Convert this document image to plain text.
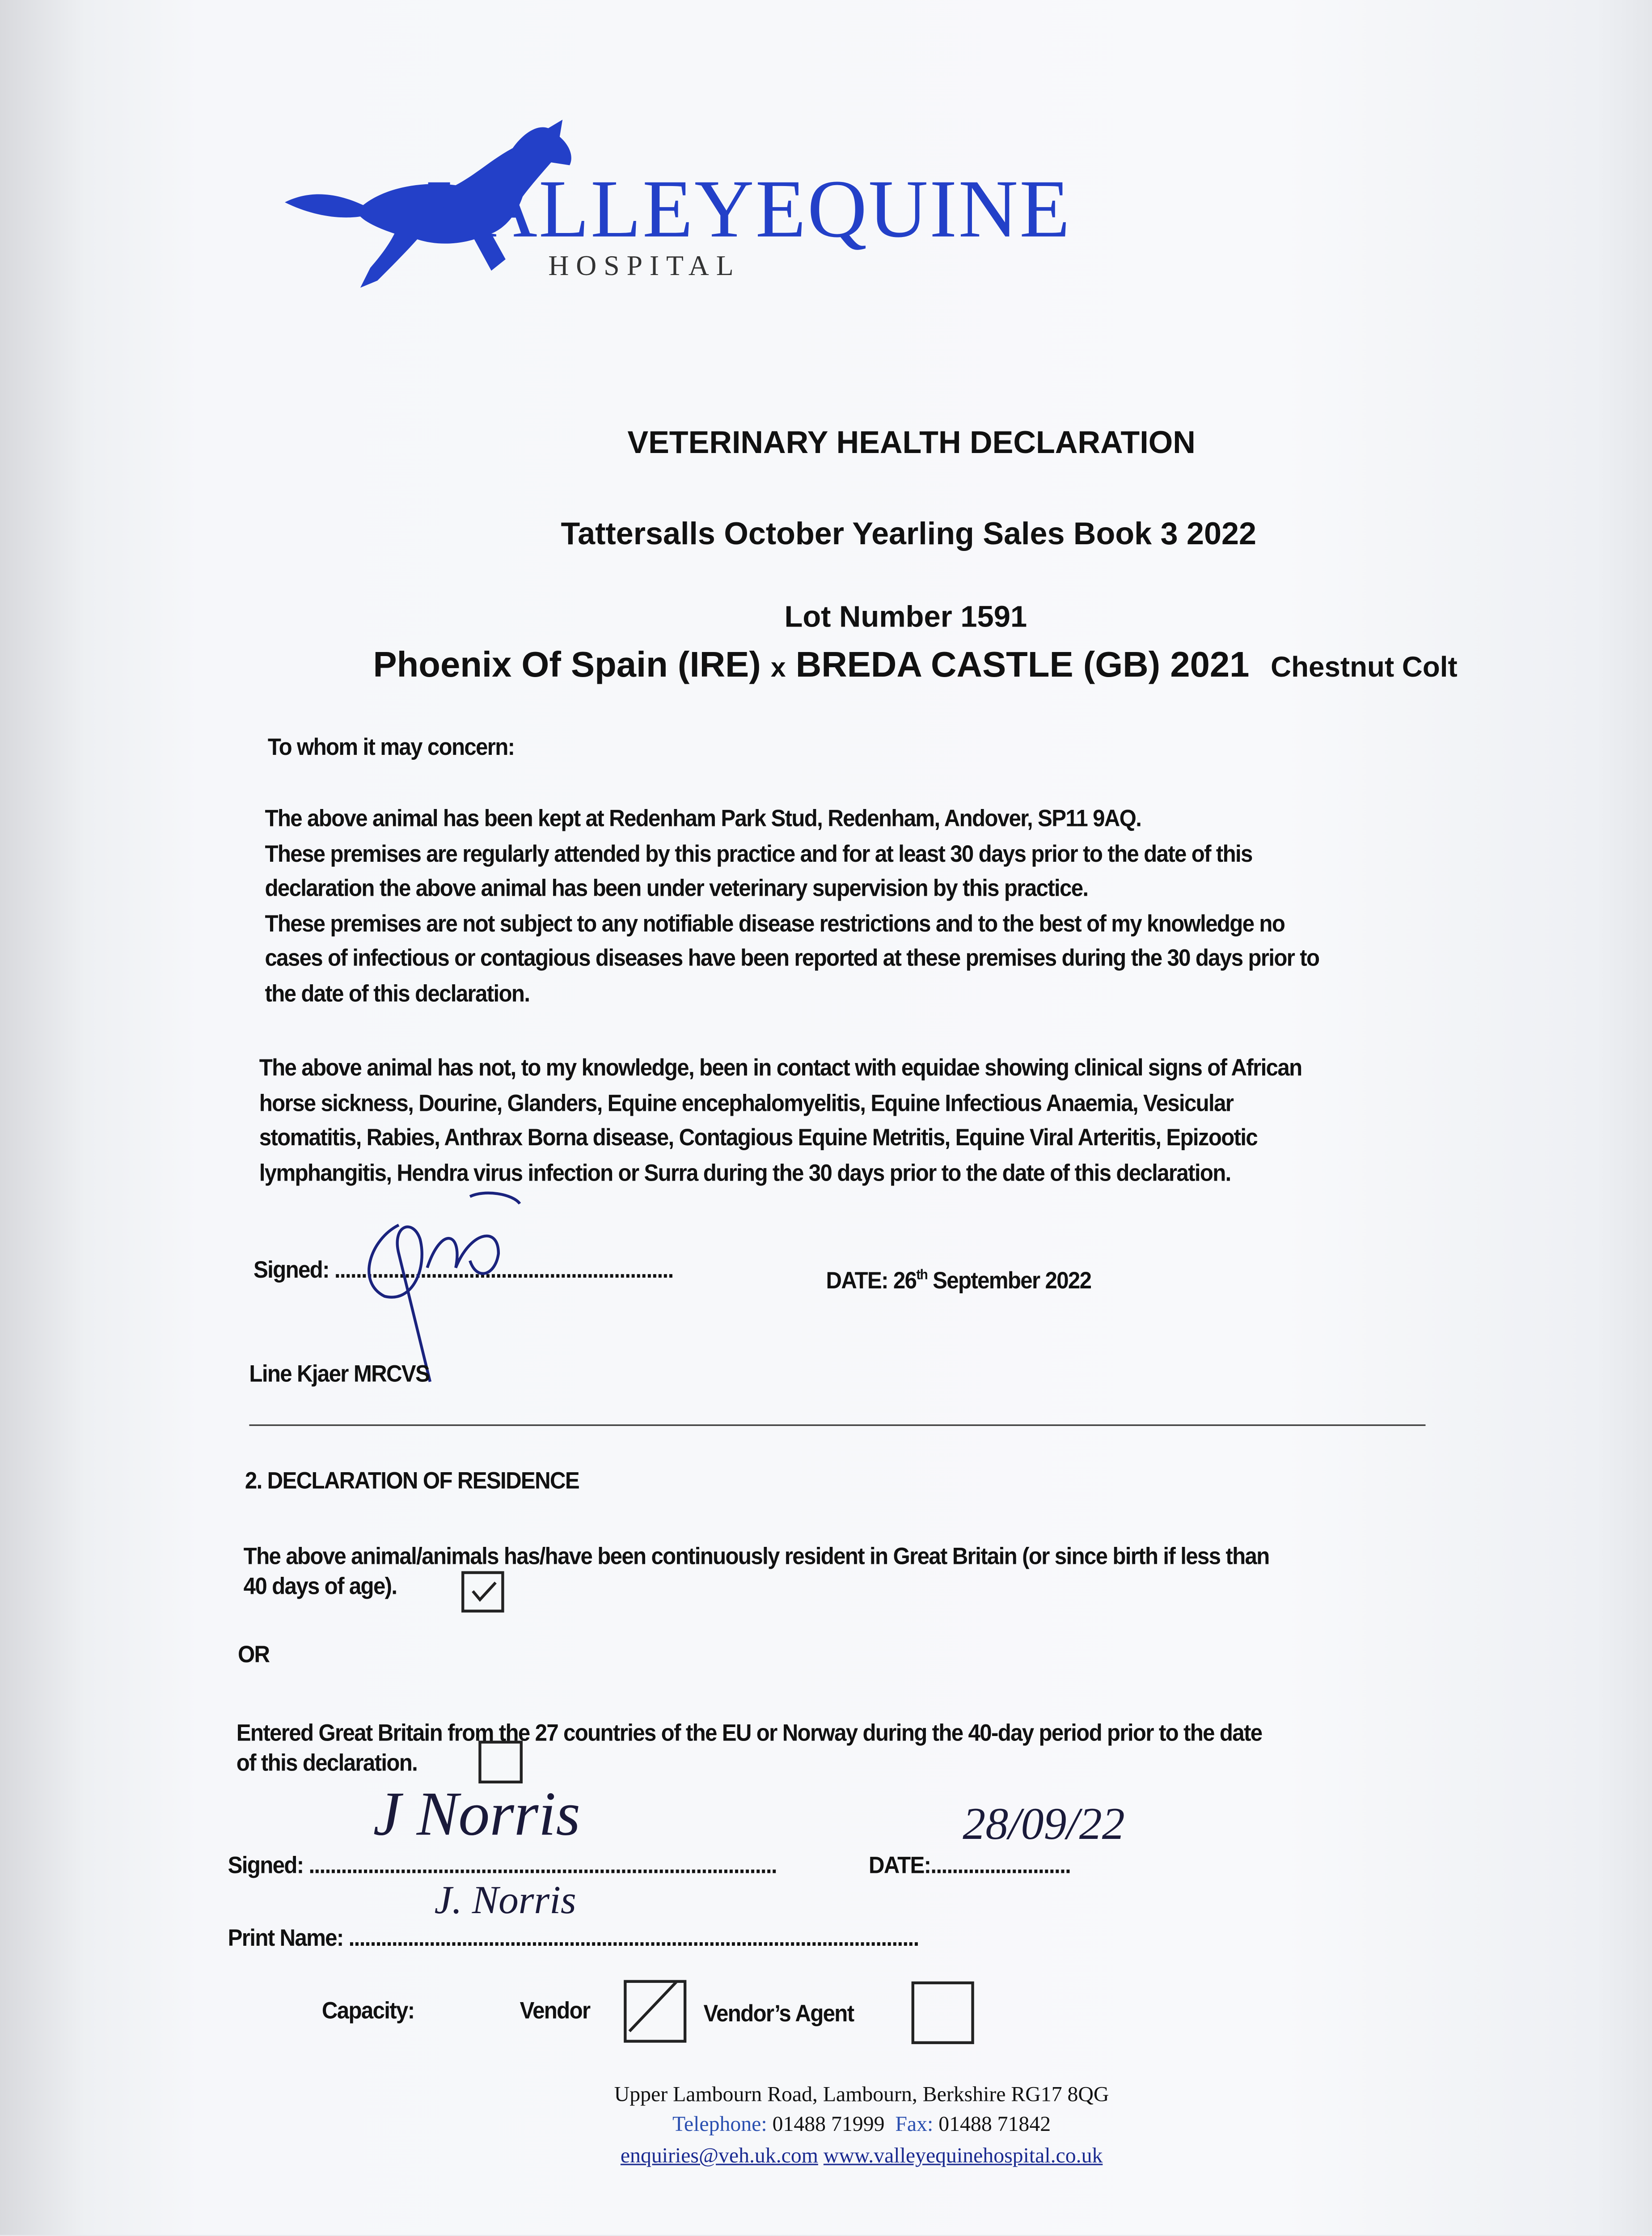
VALLEYEQUINE
HOSPITAL
VETERINARY HEALTH DECLARATION
Tattersalls October Yearling Sales Book 3 2022
Lot Number 1591
Phoenix Of Spain (IRE) x BREDA CASTLE (GB) 2021 Chestnut Colt
To whom it may concern:
The above animal has been kept at Redenham Park Stud, Redenham, Andover, SP11 9AQ.
These premises are regularly attended by this practice and for at least 30 days prior to the date of this
declaration the above animal has been under veterinary supervision by this practice.
These premises are not subject to any notifiable disease restrictions and to the best of my knowledge no
cases of infectious or contagious diseases have been reported at these premises during the 30 days prior to
the date of this declaration.
The above animal has not, to my knowledge, been in contact with equidae showing clinical signs of African
horse sickness, Dourine, Glanders, Equine encephalomyelitis, Equine Infectious Anaemia, Vesicular
stomatitis, Rabies, Anthrax Borna disease, Contagious Equine Metritis, Equine Viral Arteritis, Epizootic
lymphangitis, Hendra virus infection or Surra during the 30 days prior to the date of this declaration.
Signed: ...............................................................	DATE: 26th September 2022
Line Kjaer MRCVS
2. DECLARATION OF RESIDENCE
The above animal/animals has/have been continuously resident in Great Britain (or since birth if less than
40 days of age).
OR
Entered Great Britain from the 27 countries of the EU or Norway during the 40-day period prior to the date
of this declaration.
J Norris
Signed: .......................................................................................
28/09/22
DATE:..........................
J. Norris
Print Name: ..........................................................................................................
Capacity:	Vendor	Vendor’s Agent
Upper Lambourn Road, Lambourn, Berkshire RG17 8QG
Telephone: 01488 71999 Fax: 01488 71842
enquiries@veh.uk.com www.valleyequinehospital.co.uk
